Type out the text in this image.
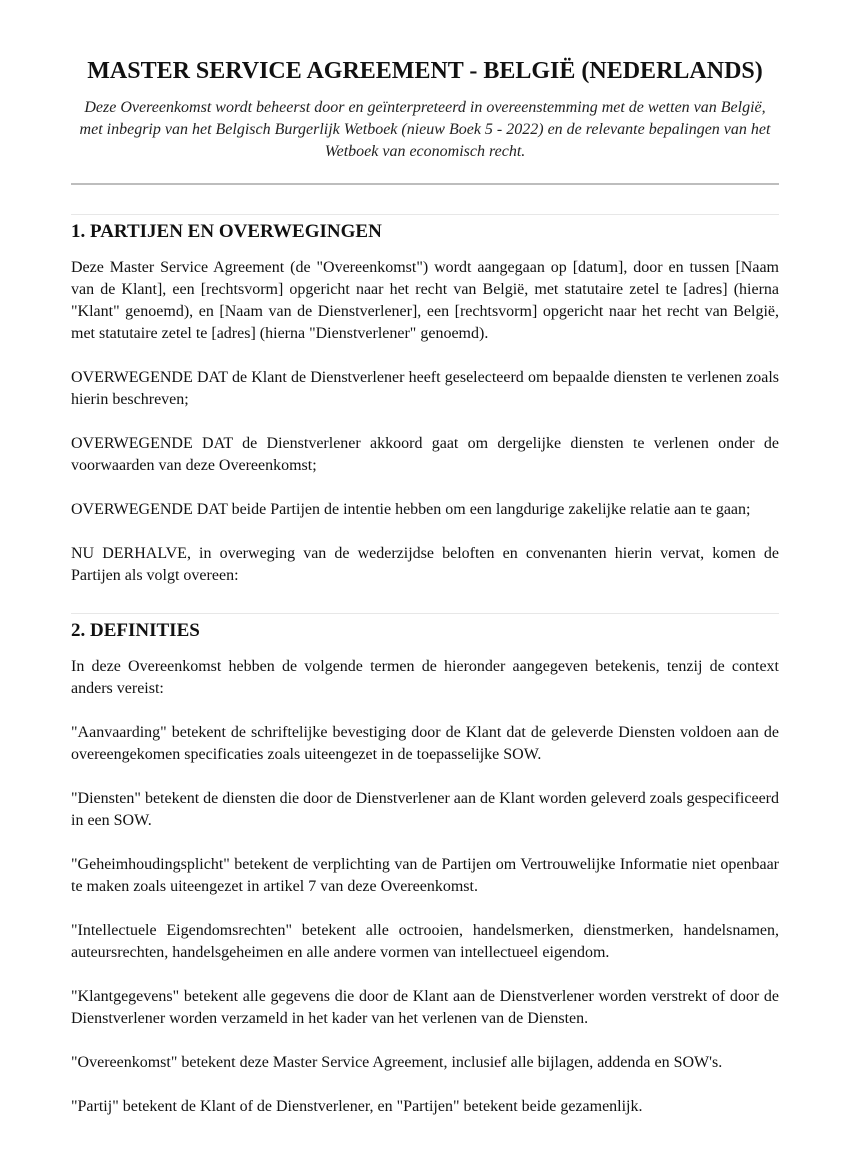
MASTER SERVICE AGREEMENT - BELGIË (NEDERLANDS)

Deze Overeenkomst wordt beheerst door en geïnterpreteerd in overeenstemming met de wetten van België, met inbegrip van het Belgisch Burgerlijk Wetboek (nieuw Boek 5 - 2022) en de relevante bepalingen van het Wetboek van economisch recht.

1. PARTIJEN EN OVERWEGINGEN

Deze Master Service Agreement (de "Overeenkomst") wordt aangegaan op [datum], door en tussen [Naam van de Klant], een [rechtsvorm] opgericht naar het recht van België, met statutaire zetel te [adres] (hierna "Klant" genoemd), en [Naam van de Dienstverlener], een [rechtsvorm] opgericht naar het recht van België, met statutaire zetel te [adres] (hierna "Dienstverlener" genoemd).

OVERWEGENDE DAT de Klant de Dienstverlener heeft geselecteerd om bepaalde diensten te verlenen zoals hierin beschreven;

OVERWEGENDE DAT de Dienstverlener akkoord gaat om dergelijke diensten te verlenen onder de voorwaarden van deze Overeenkomst;

OVERWEGENDE DAT beide Partijen de intentie hebben om een langdurige zakelijke relatie aan te gaan;

NU DERHALVE, in overweging van de wederzijdse beloften en convenanten hierin vervat, komen de Partijen als volgt overeen:

2. DEFINITIES

In deze Overeenkomst hebben de volgende termen de hieronder aangegeven betekenis, tenzij de context anders vereist:

"Aanvaarding" betekent de schriftelijke bevestiging door de Klant dat de geleverde Diensten voldoen aan de overeengekomen specificaties zoals uiteengezet in de toepasselijke SOW.

"Diensten" betekent de diensten die door de Dienstverlener aan de Klant worden geleverd zoals gespecificeerd in een SOW.

"Geheimhoudingsplicht" betekent de verplichting van de Partijen om Vertrouwelijke Informatie niet openbaar te maken zoals uiteengezet in artikel 7 van deze Overeenkomst.

"Intellectuele Eigendomsrechten" betekent alle octrooien, handelsmerken, dienstmerken, handelsnamen, auteursrechten, handelsgeheimen en alle andere vormen van intellectueel eigendom.

"Klantgegevens" betekent alle gegevens die door de Klant aan de Dienstverlener worden verstrekt of door de Dienstverlener worden verzameld in het kader van het verlenen van de Diensten.

"Overeenkomst" betekent deze Master Service Agreement, inclusief alle bijlagen, addenda en SOW's.

"Partij" betekent de Klant of de Dienstverlener, en "Partijen" betekent beide gezamenlijk.
